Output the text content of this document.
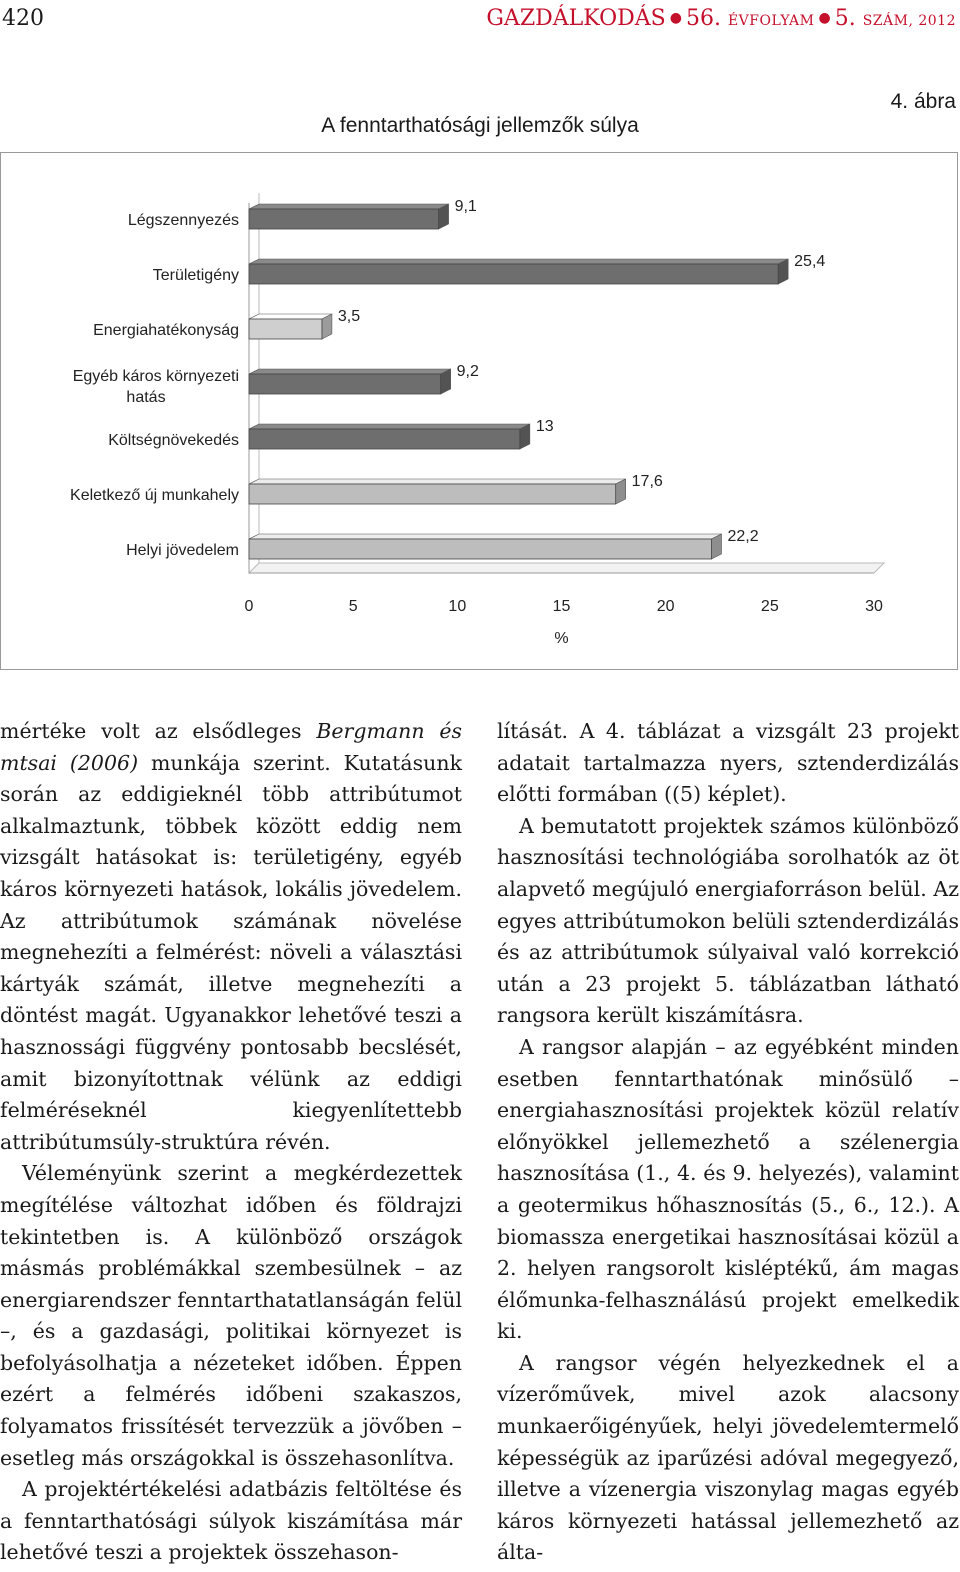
420	GAZDÁLKODÁS ● 56. ÉVFOLYAM ● 5. SZÁM, 2012
4. ábra
A fenntarthatósági jellemzők súlya
9,1
Légszennyezés
25,4
Területigény
3,5
Energiahatékonyság
9,2
Egyéb káros környezeti
hatás
13
Költségnövekedés
17,6
Keletkező új munkahely
22,2
Helyi jövedelem
0	5	10	15	20	25	30
%

mértéke volt az elsődleges Bergmann és mtsai (2006) munkája szerint. Kutatásunk során az eddigieknél több attribútumot alkalmaztunk, többek között eddig nem vizsgált hatásokat is: területigény, egyéb káros környezeti hatások, lokális jövedelem. Az attribútumok számának növelése megnehezíti a felmérést: növeli a választási kártyák számát, illetve megnehezíti a döntést magát. Ugyanakkor lehetővé teszi a hasznossági függvény pontosabb becslését, amit bizonyítottnak vélünk az eddigi felméréseknél kiegyenlítettebb attribútumsúly-struktúra révén.

Véleményünk szerint a megkérdezettek megítélése változhat időben és földrajzi tekintetben is. A különböző országok másmás problémákkal szembesülnek – az energiarendszer fenntarthatatlanságán felül –, és a gazdasági, politikai környezet is befolyásolhatja a nézeteket időben. Éppen ezért a felmérés időbeni szakaszos, folyamatos frissítését tervezzük a jövőben – esetleg más országokkal is összehasonlítva.

A projektértékelési adatbázis feltöltése és a fenntarthatósági súlyok kiszámítása már lehetővé teszi a projektek összehason-

lítását. A 4. táblázat a vizsgált 23 projekt adatait tartalmazza nyers, sztenderdizálás előtti formában ((5) képlet).

A bemutatott projektek számos különböző hasznosítási technológiába sorolhatók az öt alapvető megújuló energiaforráson belül. Az egyes attribútumokon belüli sztenderdizálás és az attribútumok súlyaival való korrekció után a 23 projekt 5. táblázatban látható rangsora került kiszámításra.

A rangsor alapján – az egyébként minden esetben fenntarthatónak minősülő – energiahasznosítási projektek közül relatív előnyökkel jellemezhető a szélenergia hasznosítása (1., 4. és 9. helyezés), valamint a geotermikus hőhasznosítás (5., 6., 12.). A biomassza energetikai hasznosításai közül a 2. helyen rangsorolt kisléptékű, ám magas élőmunka-felhasználású projekt emelkedik ki.

A rangsor végén helyezkednek el a vízerőművek, mivel azok alacsony munkaerőigényűek, helyi jövedelemtermelő képességük az iparűzési adóval megegyező, illetve a vízenergia viszonylag magas egyéb káros környezeti hatással jellemezhető az álta-
